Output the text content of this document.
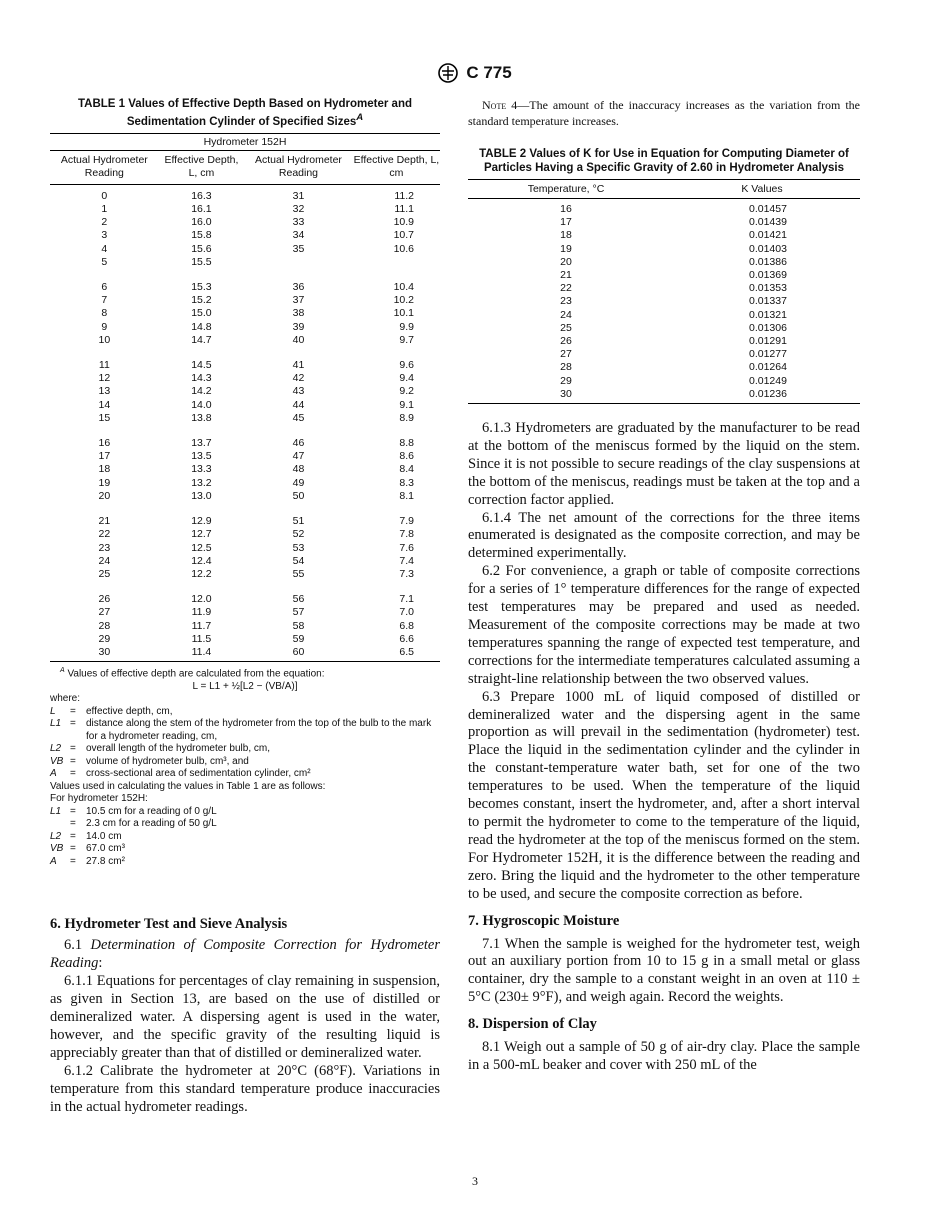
C 775
TABLE 1 Values of Effective Depth Based on Hydrometer and Sedimentation Cylinder of Specified Sizes$^A$
Hydrometer 152H			
Actual Hydrometer Reading	Effective Depth, L, cm	Actual Hydrometer Reading	Effective Depth, L, cm

0	16.3	31	11.2
1	16.1	32	11.1
2	16.0	33	10.9
3	15.8	34	10.7
4	15.6	35	10.6
5	15.5		

6	15.3	36	10.4
7	15.2	37	10.2
8	15.0	38	10.1
9	14.8	39	9.9
10	14.7	40	9.7

11	14.5	41	9.6
12	14.3	42	9.4
13	14.2	43	9.2
14	14.0	44	9.1
15	13.8	45	8.9

16	13.7	46	8.8
17	13.5	47	8.6
18	13.3	48	8.4
19	13.2	49	8.3
20	13.0	50	8.1

21	12.9	51	7.9
22	12.7	52	7.8
23	12.5	53	7.6
24	12.4	54	7.4
25	12.2	55	7.3

26	12.0	56	7.1
27	11.9	57	7.0
28	11.7	58	6.8
29	11.5	59	6.6
30	11.4	60	6.5
$^A$ Values of effective depth are calculated from the equation:
L = L1 + ½[L2 − (VB/A)]
where:
L	=	effective depth, cm,
L1 =	distance along the stem of the hydrometer from the top of the bulb to the mark for a hydrometer reading, cm,
L2 =	overall length of the hydrometer bulb, cm,
VB =	volume of hydrometer bulb, cm³, and
A	=	cross-sectional area of sedimentation cylinder, cm²
Values used in calculating the values in Table 1 are as follows:
For hydrometer 152H:
L1 =	10.5 cm for a reading of 0 g/L
=	2.3 cm for a reading of 50 g/L
L2 =	14.0 cm
VB =	67.0 cm³
A	=	27.8 cm²

6. Hydrometer Test and Sieve Analysis

6.1 Determination of Composite Correction for Hydrometer Reading:

6.1.1 Equations for percentages of clay remaining in suspension, as given in Section 13, are based on the use of distilled or demineralized water. A dispersing agent is used in the water, however, and the specific gravity of the resulting liquid is appreciably greater than that of distilled or demineralized water.

6.1.2 Calibrate the hydrometer at 20°C (68°F). Variations in temperature from this standard temperature produce inaccuracies in the actual hydrometer readings.

Note 4—The amount of the inaccuracy increases as the variation from the standard temperature increases.

TABLE 2 Values of K for Use in Equation for Computing Diameter of Particles Having a Specific Gravity of 2.60 in Hydrometer Analysis
Temperature, °C	K Values

16	0.01457
17	0.01439
18	0.01421
19	0.01403
20	0.01386
21	0.01369
22	0.01353
23	0.01337
24	0.01321
25	0.01306
26	0.01291
27	0.01277
28	0.01264
29	0.01249
30	0.01236

6.1.3 Hydrometers are graduated by the manufacturer to be read at the bottom of the meniscus formed by the liquid on the stem. Since it is not possible to secure readings of the clay suspensions at the bottom of the meniscus, readings must be taken at the top and a correction factor applied.

6.1.4 The net amount of the corrections for the three items enumerated is designated as the composite correction, and may be determined experimentally.

6.2 For convenience, a graph or table of composite corrections for a series of 1° temperature differences for the range of expected test temperatures may be prepared and used as needed. Measurement of the composite corrections may be made at two temperatures spanning the range of expected test temperature, and corrections for the intermediate temperatures calculated assuming a straight-line relationship between the two observed values.

6.3 Prepare 1000 mL of liquid composed of distilled or demineralized water and the dispersing agent in the same proportion as will prevail in the sedimentation (hydrometer) test. Place the liquid in the sedimentation cylinder and the cylinder in the constant-temperature water bath, set for one of the two temperatures to be used. When the temperature of the liquid becomes constant, insert the hydrometer, and, after a short interval to permit the hydrometer to come to the temperature of the liquid, read the hydrometer at the top of the meniscus formed on the stem. For Hydrometer 152H, it is the difference between the reading and zero. Bring the liquid and the hydrometer to the other temperature to be used, and secure the composite correction as before.

7. Hygroscopic Moisture

7.1 When the sample is weighed for the hydrometer test, weigh out an auxiliary portion from 10 to 15 g in a small metal or glass container, dry the sample to a constant weight in an oven at 110 ± 5°C (230± 9°F), and weigh again. Record the weights.

8. Dispersion of Clay

8.1 Weigh out a sample of 50 g of air-dry clay. Place the sample in a 500-mL beaker and cover with 250 mL of the

3
